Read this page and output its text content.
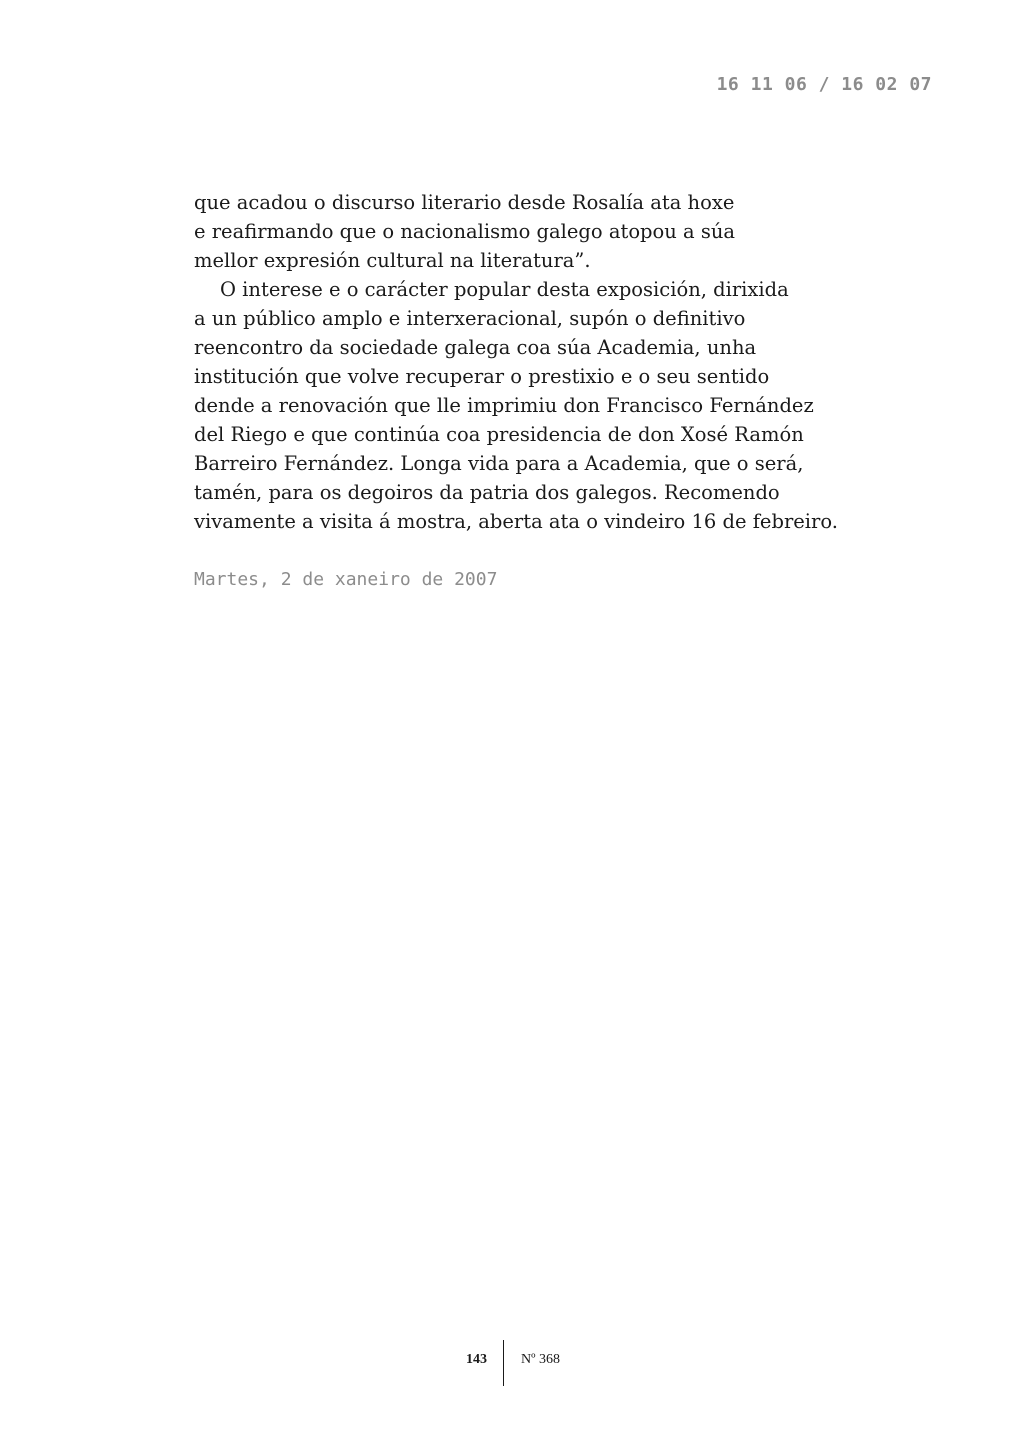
16 11 06 / 16 02 07
que acadou o discurso literario desde Rosalía ata hoxe
e reafirmando que o nacionalismo galego atopou a súa
mellor expresión cultural na literatura”.
O interese e o carácter popular desta exposición, dirixida
a un público amplo e interxeracional, supón o definitivo
reencontro da sociedade galega coa súa Academia, unha
institución que volve recuperar o prestixio e o seu sentido
dende a renovación que lle imprimiu don Francisco Fernández
del Riego e que continúa coa presidencia de don Xosé Ramón
Barreiro Fernández. Longa vida para a Academia, que o será,
tamén, para os degoiros da patria dos galegos. Recomendo
vivamente a visita á mostra, aberta ata o vindeiro 16 de febreiro.
Martes, 2 de xaneiro de 2007
143 Nº 368
